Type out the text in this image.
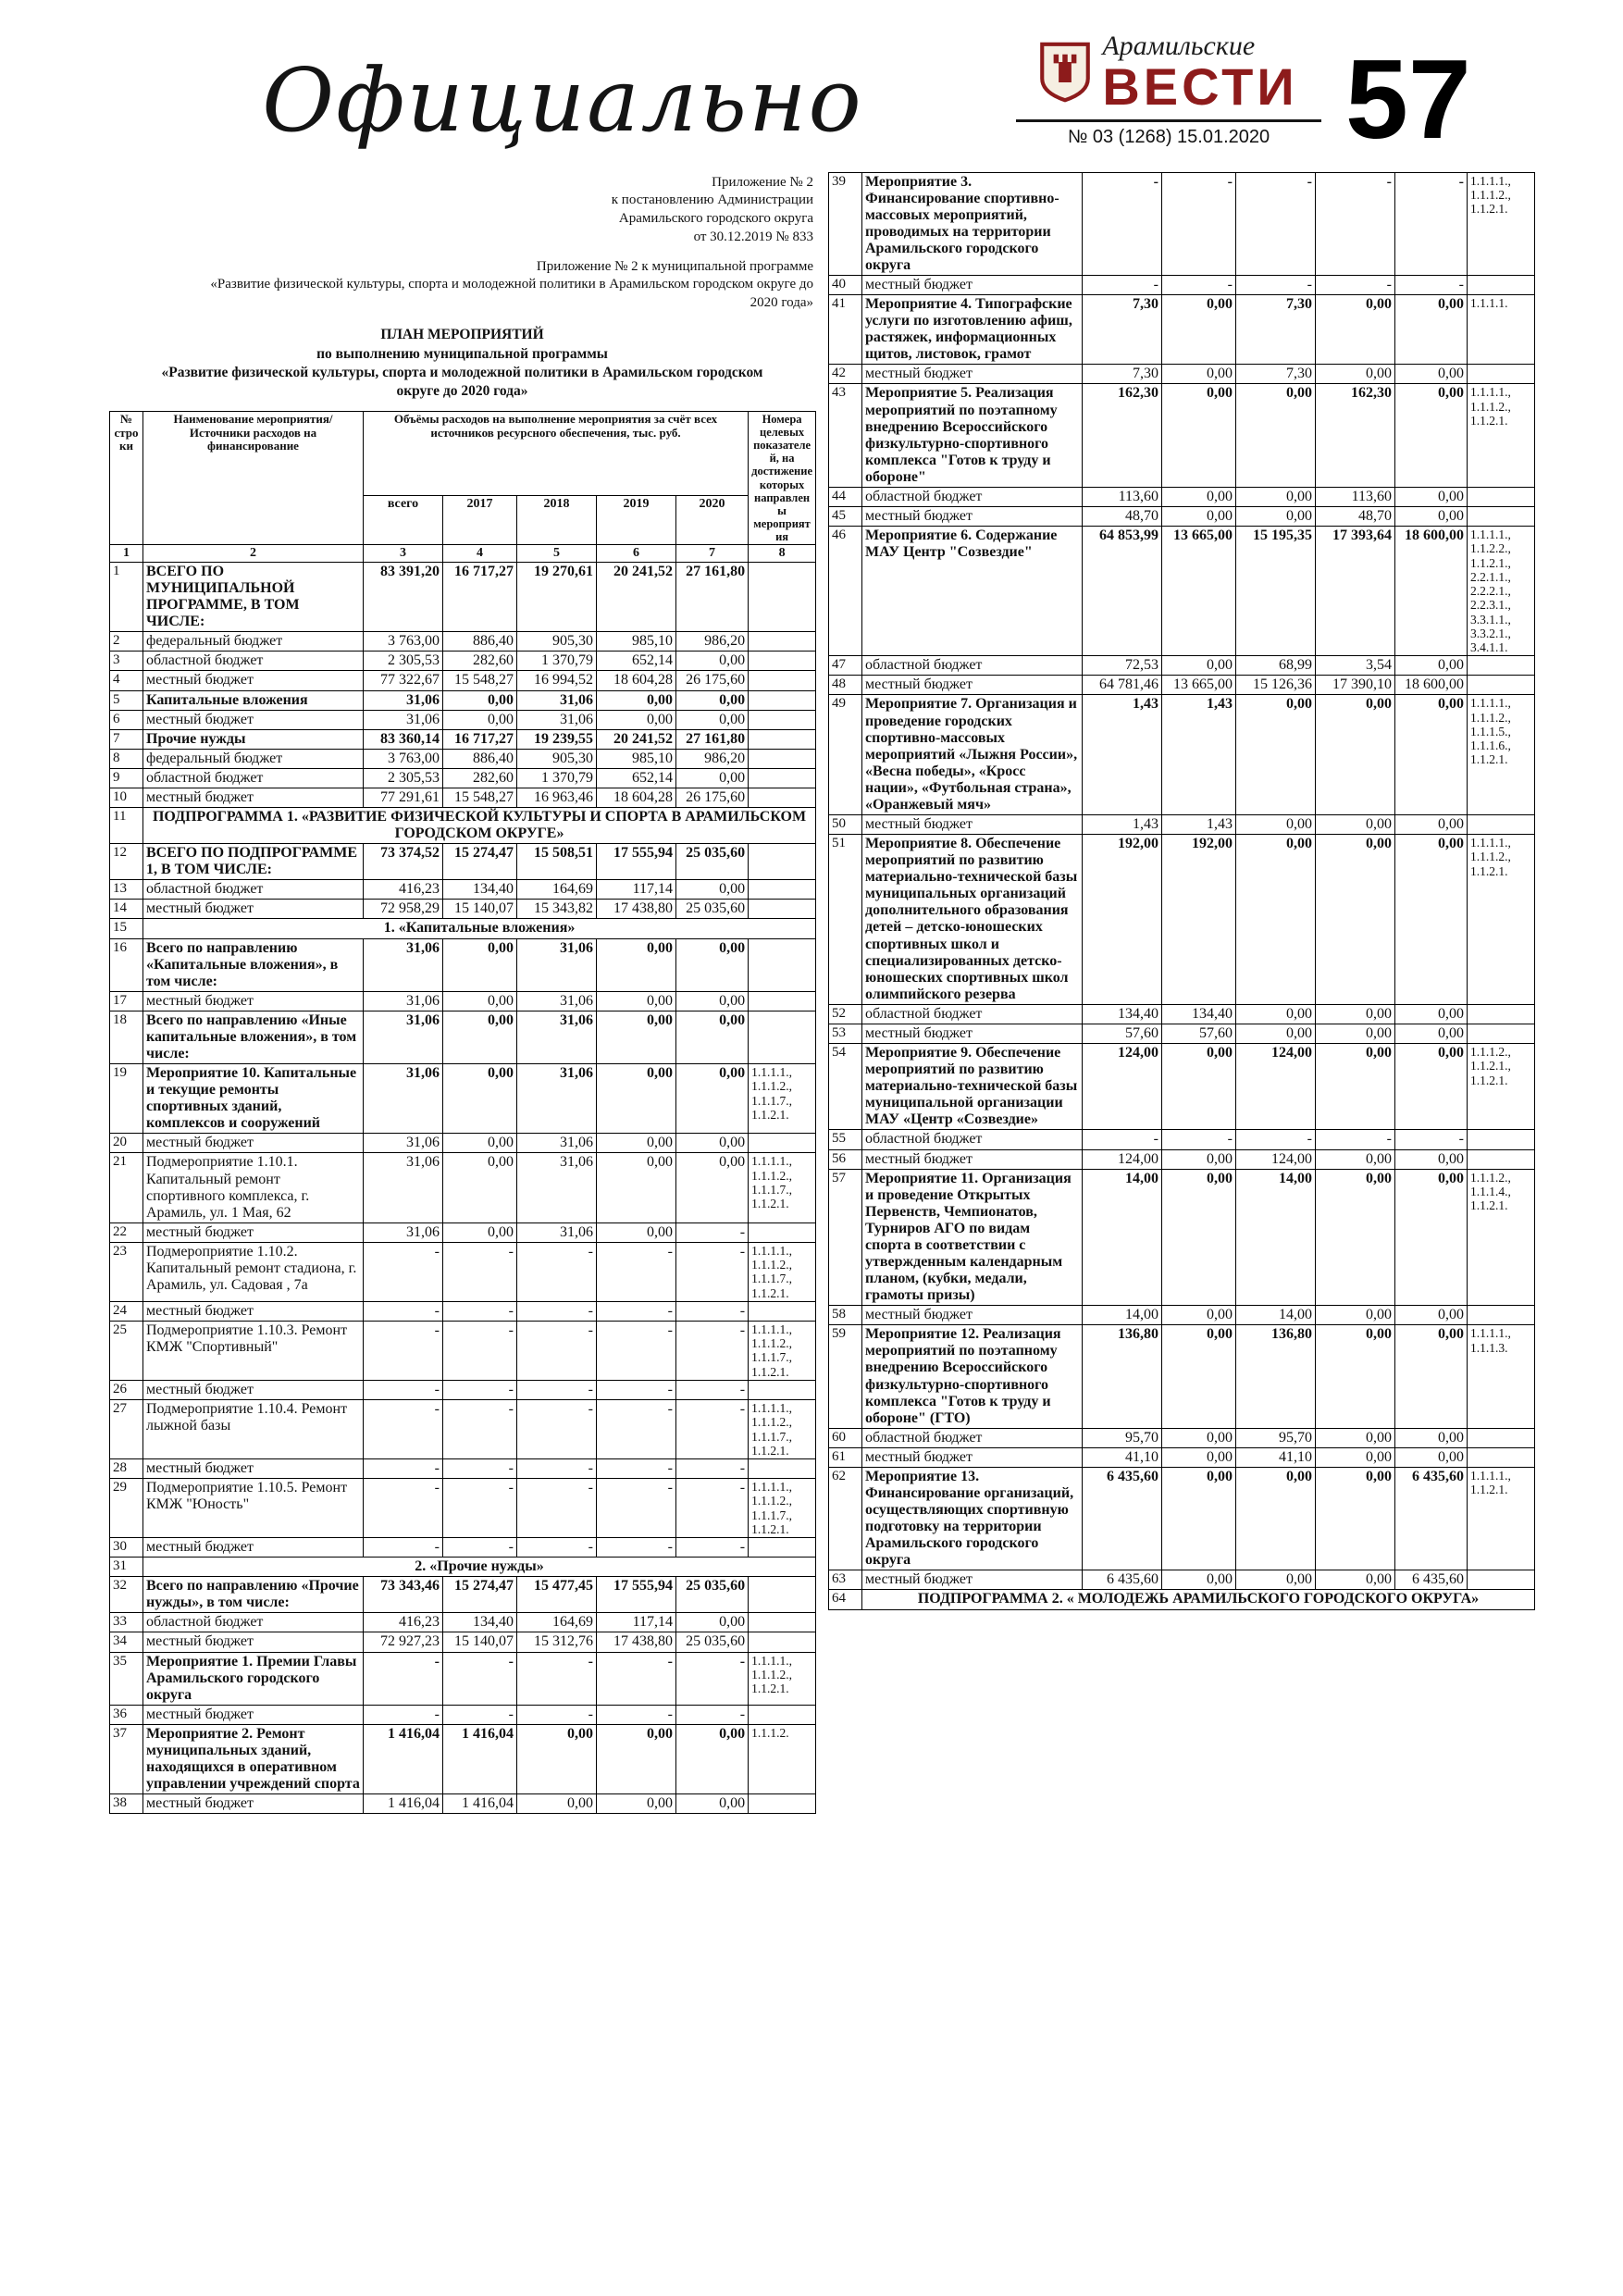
Официально
Арамильские
ВЕСТИ
№ 03 (1268) 15.01.2020 57
Приложение № 2
к постановлению Администрации
Арамильского городского округа
от 30.12.2019 № 833
Приложение № 2 к муниципальной программе
«Развитие физической культуры, спорта и молодежной политики в Арамильском городском округе до
2020 года»
ПЛАН МЕРОПРИЯТИЙ
по выполнению муниципальной программы
«Развитие физической культуры, спорта и молодежной политики в Арамильском городском
округе до 2020 года»
№ строки	Наименование мероприятия/Источники расходов на финансирование	Объёмы расходов на выполнение мероприятия за счёт всех источников ресурсного обеспечения, тыс. руб.					Номера целевых показателей, на достижение которых направлены мероприятия
		всего	2017	2018	2019	2020	
1	2	3	4	5	6	7	8
1	ВСЕГО ПО МУНИЦИПАЛЬНОЙ ПРОГРАММЕ, В ТОМ ЧИСЛЕ:	83 391,20	16 717,27	19 270,61	20 241,52	27 161,80	
2	федеральный бюджет	3 763,00	886,40	905,30	985,10	986,20	
3	областной бюджет	2 305,53	282,60	1 370,79	652,14	0,00	
4	местный бюджет	77 322,67	15 548,27	16 994,52	18 604,28	26 175,60	
5	Капитальные вложения	31,06	0,00	31,06	0,00	0,00	
6	местный бюджет	31,06	0,00	31,06	0,00	0,00	
7	Прочие нужды	83 360,14	16 717,27	19 239,55	20 241,52	27 161,80	
8	федеральный бюджет	3 763,00	886,40	905,30	985,10	986,20	
9	областной бюджет	2 305,53	282,60	1 370,79	652,14	0,00	
10	местный бюджет	77 291,61	15 548,27	16 963,46	18 604,28	26 175,60	
11	ПОДПРОГРАММА 1. «РАЗВИТИЕ ФИЗИЧЕСКОЙ КУЛЬТУРЫ И СПОРТА В АРАМИЛЬСКОМ ГОРОДСКОМ ОКРУГЕ»						
12	ВСЕГО ПО ПОДПРОГРАММЕ 1, В ТОМ ЧИСЛЕ:	73 374,52	15 274,47	15 508,51	17 555,94	25 035,60	
13	областной бюджет	416,23	134,40	164,69	117,14	0,00	
14	местный бюджет	72 958,29	15 140,07	15 343,82	17 438,80	25 035,60	
15	1. «Капитальные вложения»						
16	Всего по направлению «Капитальные вложения», в том числе:	31,06	0,00	31,06	0,00	0,00	
17	местный бюджет	31,06	0,00	31,06	0,00	0,00	
18	Всего по направлению «Иные капитальные вложения», в том числе:	31,06	0,00	31,06	0,00	0,00	
19	Мероприятие 10. Капитальные и текущие ремонты спортивных зданий, комплексов и сооружений	31,06	0,00	31,06	0,00	0,00	1.1.1.1., 1.1.1.2., 1.1.1.7., 1.1.2.1.
20	местный бюджет	31,06	0,00	31,06	0,00	0,00	
21	Подмероприятие 1.10.1. Капитальный ремонт спортивного комплекса, г. Арамиль, ул. 1 Мая, 62	31,06	0,00	31,06	0,00	0,00	1.1.1.1., 1.1.1.2., 1.1.1.7., 1.1.2.1.
22	местный бюджет	31,06	0,00	31,06	0,00	-	
23	Подмероприятие 1.10.2. Капитальный ремонт стадиона, г. Арамиль, ул. Садовая , 7а	-	-	-	-	-	1.1.1.1., 1.1.1.2., 1.1.1.7., 1.1.2.1.
24	местный бюджет	-	-	-	-	-	
25	Подмероприятие 1.10.3. Ремонт КМЖ "Спортивный"	-	-	-	-	-	1.1.1.1., 1.1.1.2., 1.1.1.7., 1.1.2.1.
26	местный бюджет	-	-	-	-	-	
27	Подмероприятие 1.10.4. Ремонт лыжной базы	-	-	-	-	-	1.1.1.1., 1.1.1.2., 1.1.1.7., 1.1.2.1.
28	местный бюджет	-	-	-	-	-	
29	Подмероприятие 1.10.5. Ремонт КМЖ "Юность"	-	-	-	-	-	1.1.1.1., 1.1.1.2., 1.1.1.7., 1.1.2.1.
30	местный бюджет	-	-	-	-	-	
31	2. «Прочие нужды»						
32	Всего по направлению «Прочие нужды», в том числе:	73 343,46	15 274,47	15 477,45	17 555,94	25 035,60	
33	областной бюджет	416,23	134,40	164,69	117,14	0,00	
34	местный бюджет	72 927,23	15 140,07	15 312,76	17 438,80	25 035,60	
35	Мероприятие 1. Премии Главы Арамильского городского округа	-	-	-	-	-	1.1.1.1., 1.1.1.2., 1.1.2.1.
36	местный бюджет	-	-	-	-	-	
37	Мероприятие 2. Ремонт муниципальных зданий, находящихся в оперативном управлении учреждений спорта	1 416,04	1 416,04	0,00	0,00	0,00	1.1.1.2.
38	местный бюджет	1 416,04	1 416,04	0,00	0,00	0,00	
39	Мероприятие 3. Финансирование спортивно-массовых мероприятий, проводимых на территории Арамильского городского округа	-	-	-	-	-	1.1.1.1., 1.1.1.2., 1.1.2.1.
40	местный бюджет	-	-	-	-	-	
41	Мероприятие 4. Типографские услуги по изготовлению афиш, растяжек, информационных щитов, листовок, грамот	7,30	0,00	7,30	0,00	0,00	1.1.1.1.
42	местный бюджет	7,30	0,00	7,30	0,00	0,00	
43	Мероприятие 5. Реализация мероприятий по поэтапному внедрению Всероссийского физкультурно-спортивного комплекса "Готов к труду и обороне"	162,30	0,00	0,00	162,30	0,00	1.1.1.1., 1.1.1.2., 1.1.2.1.
44	областной бюджет	113,60	0,00	0,00	113,60	0,00	
45	местный бюджет	48,70	0,00	0,00	48,70	0,00	
46	Мероприятие 6. Содержание МАУ Центр "Созвездие"	64 853,99	13 665,00	15 195,35	17 393,64	18 600,00	1.1.1.1., 1.1.2.2., 1.1.2.1., 2.2.1.1., 2.2.2.1., 2.2.3.1., 3.3.1.1., 3.3.2.1., 3.4.1.1.
47	областной бюджет	72,53	0,00	68,99	3,54	0,00	
48	местный бюджет	64 781,46	13 665,00	15 126,36	17 390,10	18 600,00	
49	Мероприятие 7. Организация и проведение городских спортивно-массовых мероприятий «Лыжня России», «Весна победы», «Кросс нации», «Футбольная страна», «Оранжевый мяч»	1,43	1,43	0,00	0,00	0,00	1.1.1.1., 1.1.1.2., 1.1.1.5., 1.1.1.6., 1.1.2.1.
50	местный бюджет	1,43	1,43	0,00	0,00	0,00	
51	Мероприятие 8. Обеспечение мероприятий по развитию материально-технической базы муниципальных организаций дополнительного образования детей – детско-юношеских спортивных школ и специализированных детско-юношеских спортивных школ олимпийского резерва	192,00	192,00	0,00	0,00	0,00	1.1.1.1., 1.1.1.2., 1.1.2.1.
52	областной бюджет	134,40	134,40	0,00	0,00	0,00	
53	местный бюджет	57,60	57,60	0,00	0,00	0,00	
54	Мероприятие 9. Обеспечение мероприятий по развитию материально-технической базы муниципальной организации МАУ «Центр «Созвездие»	124,00	0,00	124,00	0,00	0,00	1.1.1.2., 1.1.2.1., 1.1.2.1.
55	областной бюджет	-	-	-	-	-	
56	местный бюджет	124,00	0,00	124,00	0,00	0,00	
57	Мероприятие 11. Организация и проведение Открытых Первенств, Чемпионатов, Турниров АГО по видам спорта в соответствии с утвержденным календарным планом, (кубки, медали, грамоты призы)	14,00	0,00	14,00	0,00	0,00	1.1.1.2., 1.1.1.4., 1.1.2.1.
58	местный бюджет	14,00	0,00	14,00	0,00	0,00	
59	Мероприятие 12. Реализация мероприятий по поэтапному внедрению Всероссийского физкультурно-спортивного комплекса "Готов к труду и обороне" (ГТО)	136,80	0,00	136,80	0,00	0,00	1.1.1.1., 1.1.1.3.
60	областной бюджет	95,70	0,00	95,70	0,00	0,00	
61	местный бюджет	41,10	0,00	41,10	0,00	0,00	
62	Мероприятие 13. Финансирование организаций, осуществляющих спортивную подготовку на территории Арамильского городского округа	6 435,60	0,00	0,00	0,00	6 435,60	1.1.1.1., 1.1.2.1.
63	местный бюджет	6 435,60	0,00	0,00	0,00	6 435,60	
64	ПОДПРОГРАММА 2. « МОЛОДЕЖЬ АРАМИЛЬСКОГО ГОРОДСКОГО ОКРУГА»						
